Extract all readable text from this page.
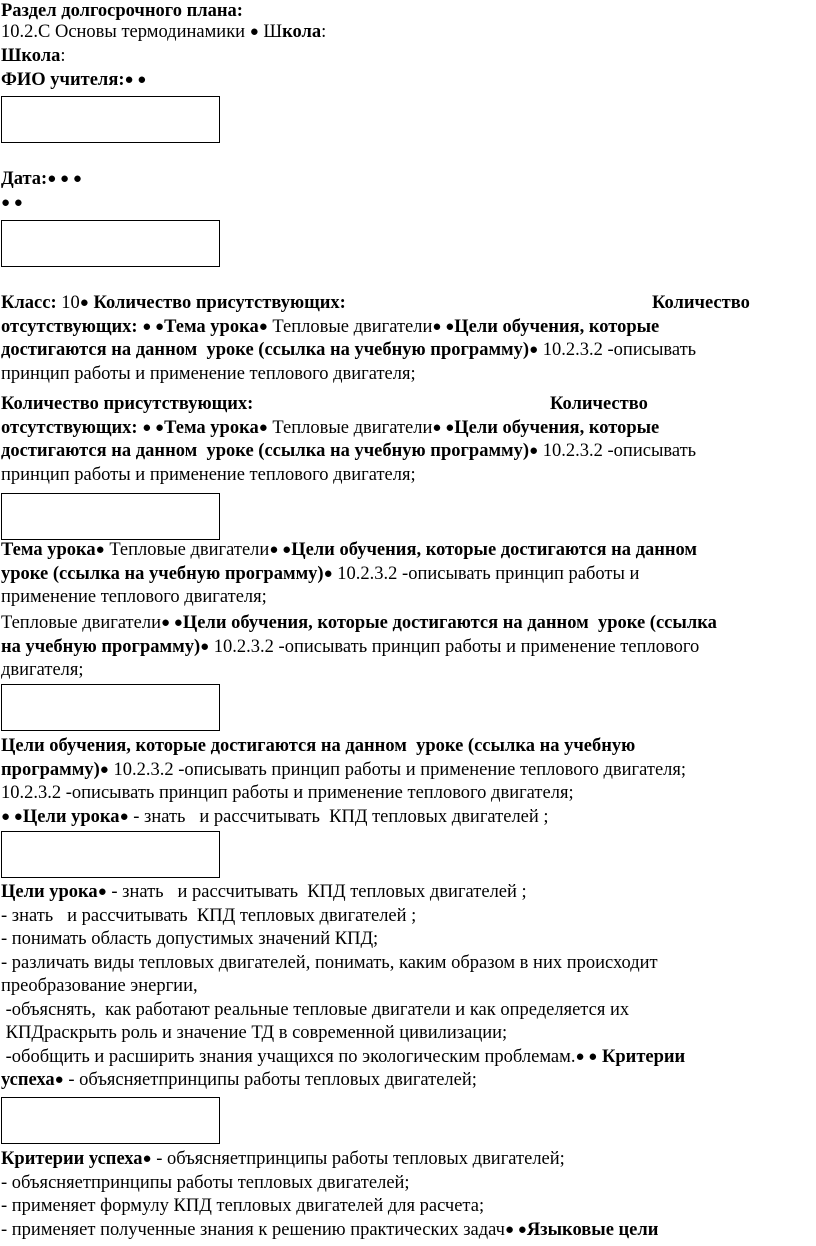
Раздел долгосрочного плана:
10.2.С Основы термодинамики ● Школа:
Школа:
ФИО учителя:● ●
Дата:● ● ●
● ●
Класс: 10● Количество присутствующих:	Количество
отсутствующих: ● ●Тема урока● Тепловые двигатели● ●Цели обучения, которые
достигаются на данном  уроке (ссылка на учебную программу)● 10.2.3.2 -описывать
принцип работы и применение теплового двигателя;
Количество присутствующих:	Количество
отсутствующих: ● ●Тема урока● Тепловые двигатели● ●Цели обучения, которые
достигаются на данном  уроке (ссылка на учебную программу)● 10.2.3.2 -описывать
принцип работы и применение теплового двигателя;
Тема урока● Тепловые двигатели● ●Цели обучения, которые достигаются на данном
уроке (ссылка на учебную программу)● 10.2.3.2 -описывать принцип работы и
применение теплового двигателя;
Тепловые двигатели● ●Цели обучения, которые достигаются на данном  уроке (ссылка
на учебную программу)● 10.2.3.2 -описывать принцип работы и применение теплового
двигателя;
Цели обучения, которые достигаются на данном  уроке (ссылка на учебную
программу)● 10.2.3.2 -описывать принцип работы и применение теплового двигателя;
10.2.3.2 -описывать принцип работы и применение теплового двигателя;
● ●Цели урока● - знать   и рассчитывать  КПД тепловых двигателей ;
Цели урока● - знать   и рассчитывать  КПД тепловых двигателей ;
- знать   и рассчитывать  КПД тепловых двигателей ;
- понимать область допустимых значений КПД;
- различать виды тепловых двигателей, понимать, каким образом в них происходит
преобразование энергии,
-объяснять,  как работают реальные тепловые двигатели и как определяется их
КПДраскрыть роль и значение ТД в современной цивилизации;
-обобщить и расширить знания учащихся по экологическим проблемам.● ● Критерии
успеха● - объясняетпринципы работы тепловых двигателей;
Критерии успеха● - объясняетпринципы работы тепловых двигателей;
- объясняетпринципы работы тепловых двигателей;
- применяет формулу КПД тепловых двигателей для расчета;
- применяет полученные знания к решению практических задач● ●Языковые цели
